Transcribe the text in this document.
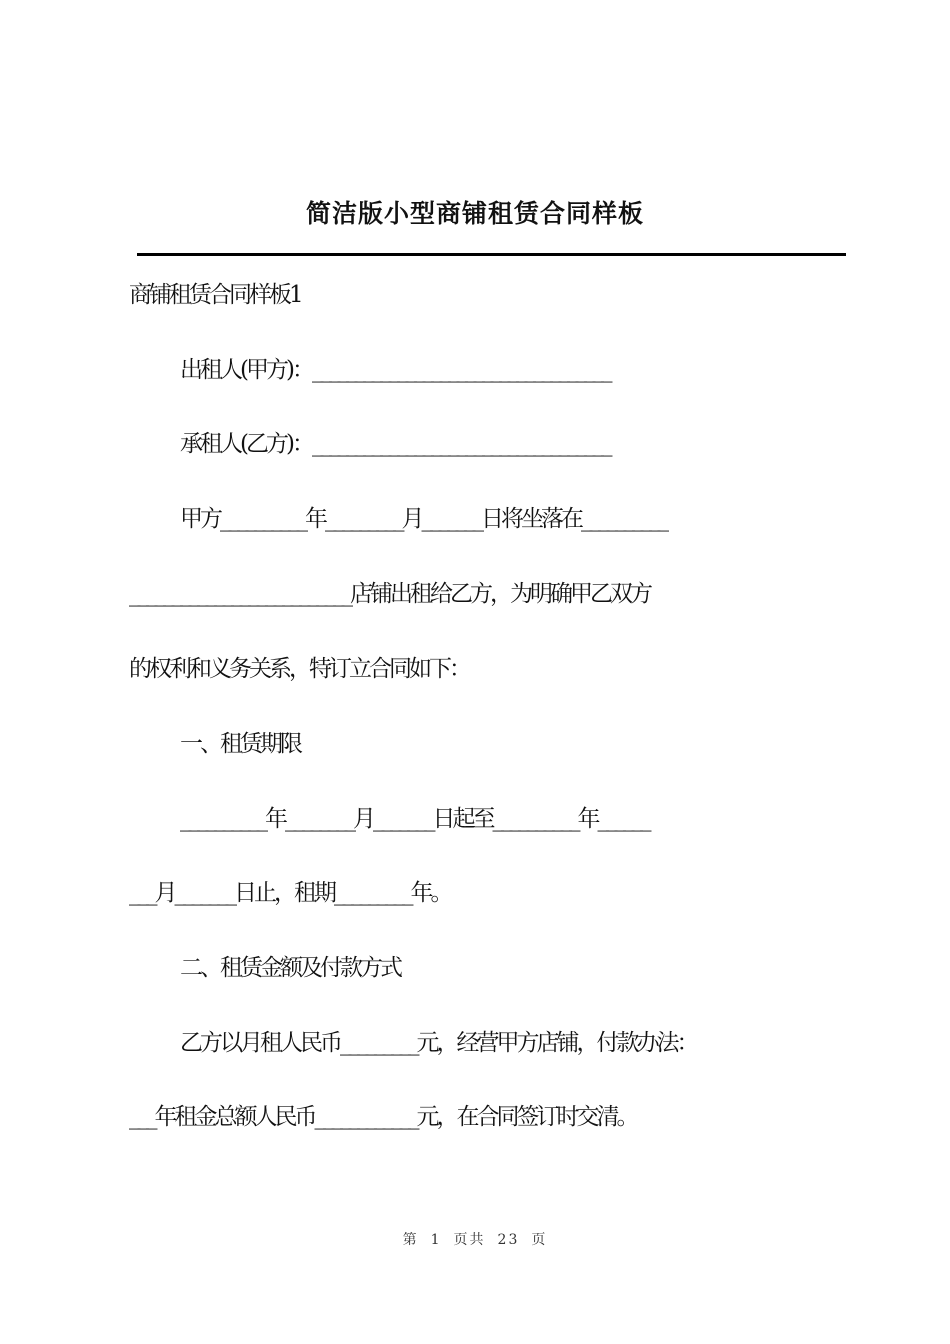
简洁版小型商铺租赁合同样板
商铺租赁合同样板1
出租人(甲方)：___________________________________
承租人(乙方)：___________________________________
甲方__________年_________月_______日将坐落在__________
__________________________店铺出租给乙方，为明确甲乙双方
的权利和义务关系，特订立合同如下：
一、租赁期限
__________年________月_______日起至__________年______
___月_______日止，租期_________年。
二、租赁金额及付款方式
乙方以月租人民币_________元，经营甲方店铺，付款办法：
___年租金总额人民币____________元，在合同签订时交清。
第 1 页共 23 页
